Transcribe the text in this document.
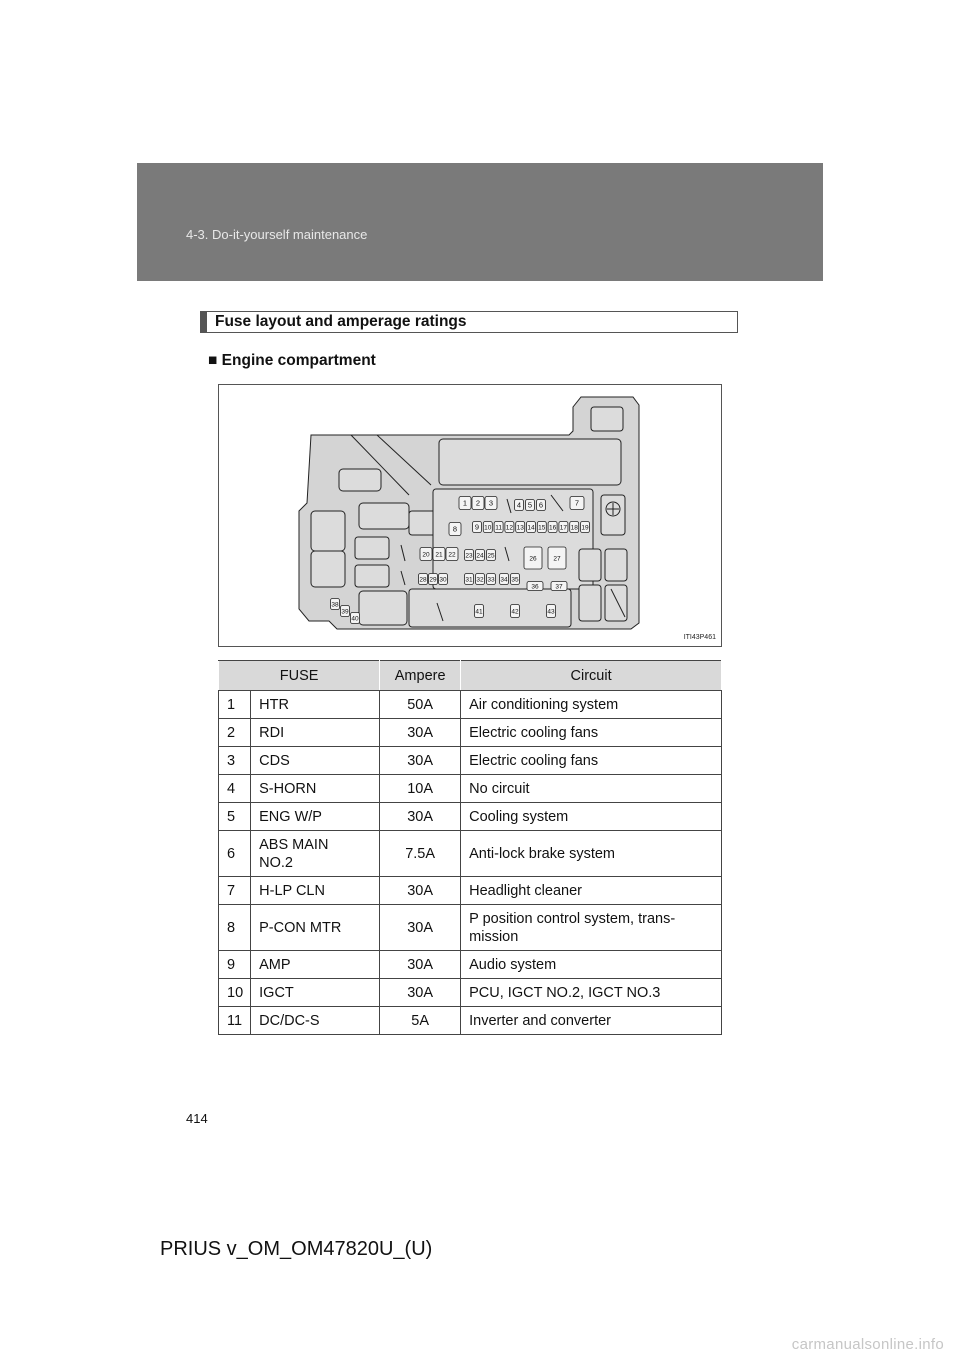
4-3. Do-it-yourself maintenance
Fuse layout and amperage ratings
■ Engine compartment
1 2 3	4 5 6	7
8 9 10 11 12 13 14 15 16 17 18 19
20 21 22 23 24 25	26	27
28 29 30	31 32 33 34 35
36	37
38
39
40
41	42	43
ITI43P461
FUSE		Ampere	Circuit
1	HTR	50A	Air conditioning system
2	RDI	30A	Electric cooling fans
3	CDS	30A	Electric cooling fans
4	S-HORN	10A	No circuit
5	ENG W/P	30A	Cooling system
6	ABS MAIN
NO.2	7.5A	Anti-lock brake system
7	H-LP CLN	30A	Headlight cleaner
8	P-CON MTR	30A	P position control system, trans-
mission
9	AMP	30A	Audio system
10	IGCT	30A	PCU, IGCT NO.2, IGCT NO.3
11	DC/DC-S	5A	Inverter and converter
414
PRIUS v_OM_OM47820U_(U)
carmanualsonline.info
